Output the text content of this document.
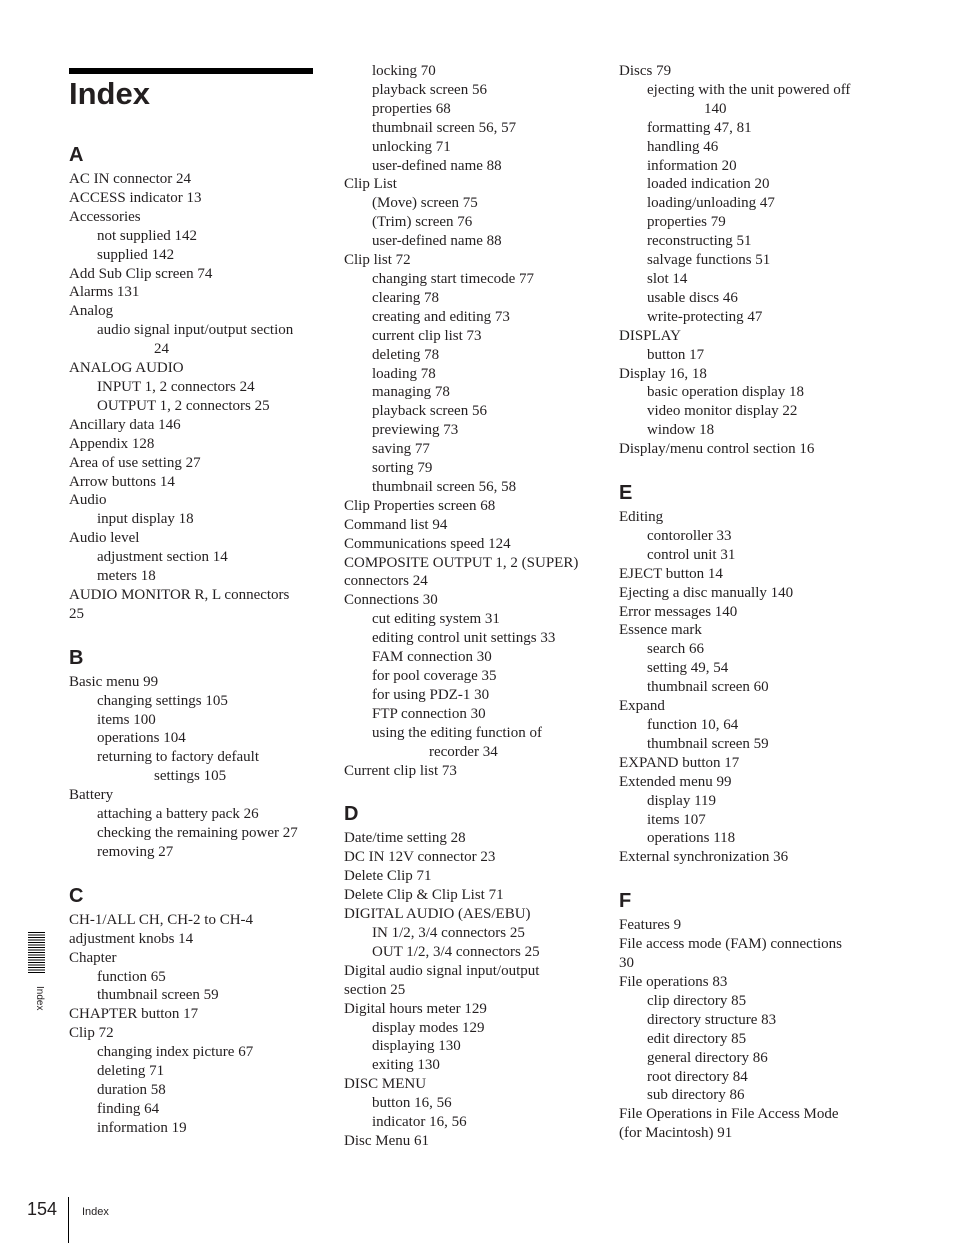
Index
A
AC IN connector 24
ACCESS indicator 13
Accessories
not supplied 142
supplied 142
Add Sub Clip screen 74
Alarms 131
Analog
audio signal input/output section
24
ANALOG AUDIO
INPUT 1, 2 connectors 24
OUTPUT 1, 2 connectors 25
Ancillary data 146
Appendix 128
Area of use setting 27
Arrow buttons 14
Audio
input display 18
Audio level
adjustment section 14
meters 18
AUDIO MONITOR R, L connectors
25
B
Basic menu 99
changing settings 105
items 100
operations 104
returning to factory default
settings 105
Battery
attaching a battery pack 26
checking the remaining power 27
removing 27
C
CH-1/ALL CH, CH-2 to CH-4
adjustment knobs 14
Chapter
function 65
thumbnail screen 59
CHAPTER button 17
Clip 72
changing index picture 67
deleting 71
duration 58
finding 64
information 19
locking 70
playback screen 56
properties 68
thumbnail screen 56, 57
unlocking 71
user-defined name 88
Clip List
(Move) screen 75
(Trim) screen 76
user-defined name 88
Clip list 72
changing start timecode 77
clearing 78
creating and editing 73
current clip list 73
deleting 78
loading 78
managing 78
playback screen 56
previewing 73
saving 77
sorting 79
thumbnail screen 56, 58
Clip Properties screen 68
Command list 94
Communications speed 124
COMPOSITE OUTPUT 1, 2 (SUPER)
connectors 24
Connections 30
cut editing system 31
editing control unit settings 33
FAM connection 30
for pool coverage 35
for using PDZ-1 30
FTP connection 30
using the editing function of
recorder 34
Current clip list 73
D
Date/time setting 28
DC IN 12V connector 23
Delete Clip 71
Delete Clip & Clip List 71
DIGITAL AUDIO (AES/EBU)
IN 1/2, 3/4 connectors 25
OUT 1/2, 3/4 connectors 25
Digital audio signal input/output
section 25
Digital hours meter 129
display modes 129
displaying 130
exiting 130
DISC MENU
button 16, 56
indicator 16, 56
Disc Menu 61
Discs 79
ejecting with the unit powered off
140
formatting 47, 81
handling 46
information 20
loaded indication 20
loading/unloading 47
properties 79
reconstructing 51
salvage functions 51
slot 14
usable discs 46
write-protecting 47
DISPLAY
button 17
Display 16, 18
basic operation display 18
video monitor display 22
window 18
Display/menu control section 16
E
Editing
contoroller 33
control unit 31
EJECT button 14
Ejecting a disc manually 140
Error messages 140
Essence mark
search 66
setting 49, 54
thumbnail screen 60
Expand
function 10, 64
thumbnail screen 59
EXPAND button 17
Extended menu 99
display 119
items 107
operations 118
External synchronization 36
F
Features 9
File access mode (FAM) connections
30
File operations 83
clip directory 85
directory structure 83
edit directory 85
general directory 86
root directory 84
sub directory 86
File Operations in File Access Mode
(for Macintosh) 91
Index
154 Index
